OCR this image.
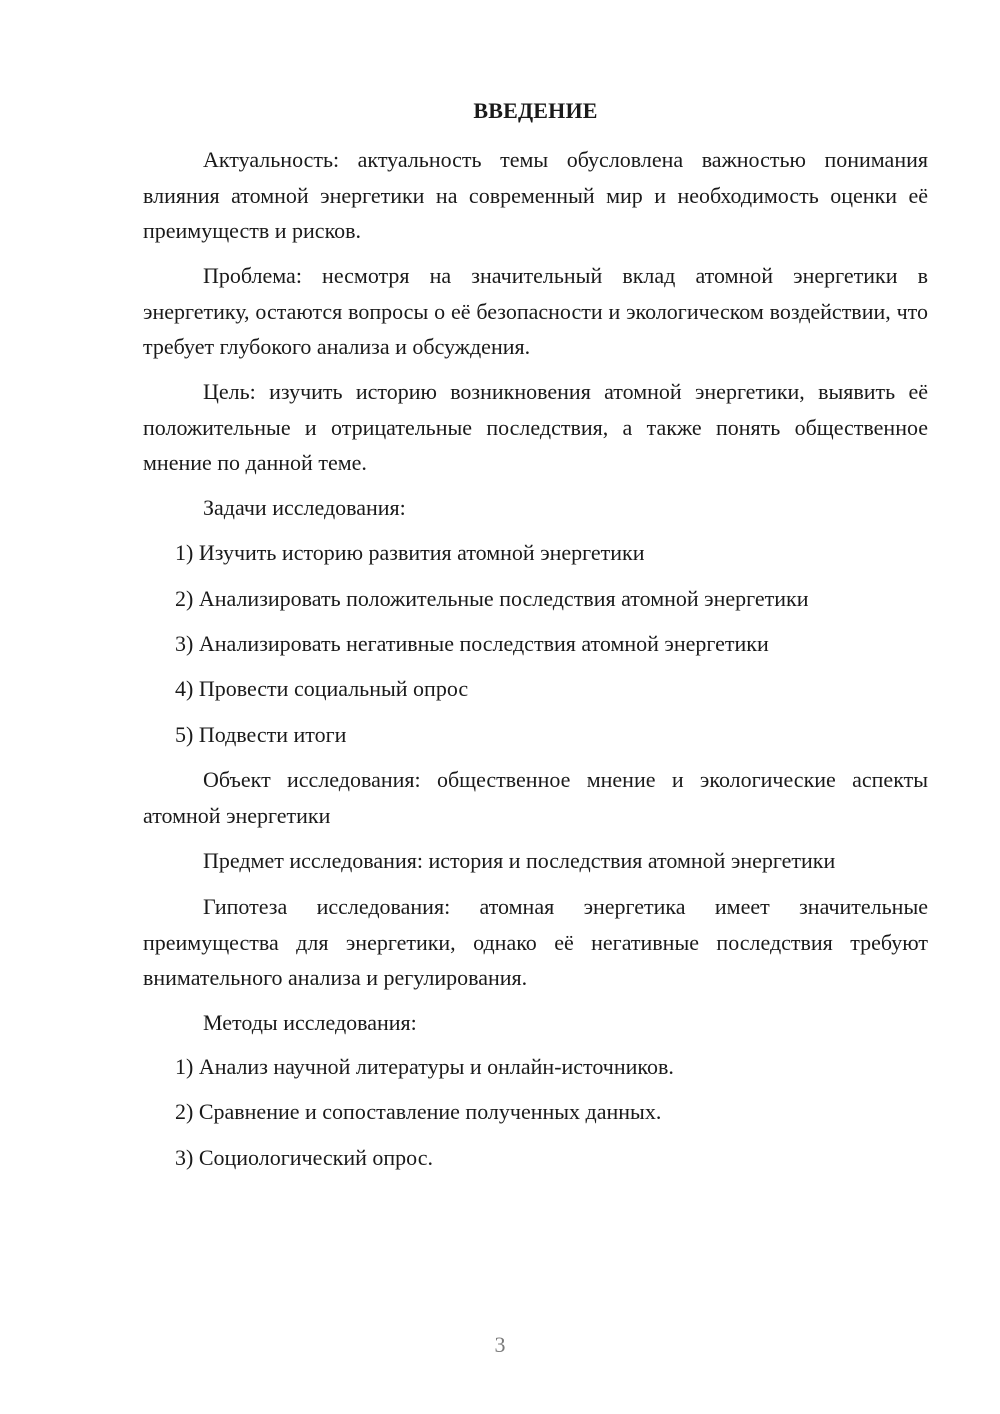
ВВЕДЕНИЕ

Актуальность: актуальность темы обусловлена важностью понимания влияния атомной энергетики на современный мир и необходимость оценки её преимуществ и рисков.

Проблема: несмотря на значительный вклад атомной энергетики в энергетику, остаются вопросы о её безопасности и экологическом воздействии, что требует глубокого анализа и обсуждения.

Цель: изучить историю возникновения атомной энергетики, выявить её положительные и отрицательные последствия, а также понять общественное мнение по данной теме.

Задачи исследования:

1) Изучить историю развития атомной энергетики

2) Анализировать положительные последствия атомной энергетики

3) Анализировать негативные последствия атомной энергетики

4) Провести социальный опрос

5) Подвести итоги

Объект исследования: общественное мнение и экологические аспекты атомной энергетики

Предмет исследования: история и последствия атомной энергетики

Гипотеза исследования: атомная энергетика имеет значительные преимущества для энергетики, однако её негативные последствия требуют внимательного анализа и регулирования.

Методы исследования:

1) Анализ научной литературы и онлайн-источников.

2) Сравнение и сопоставление полученных данных.

3) Социологический опрос.

3
